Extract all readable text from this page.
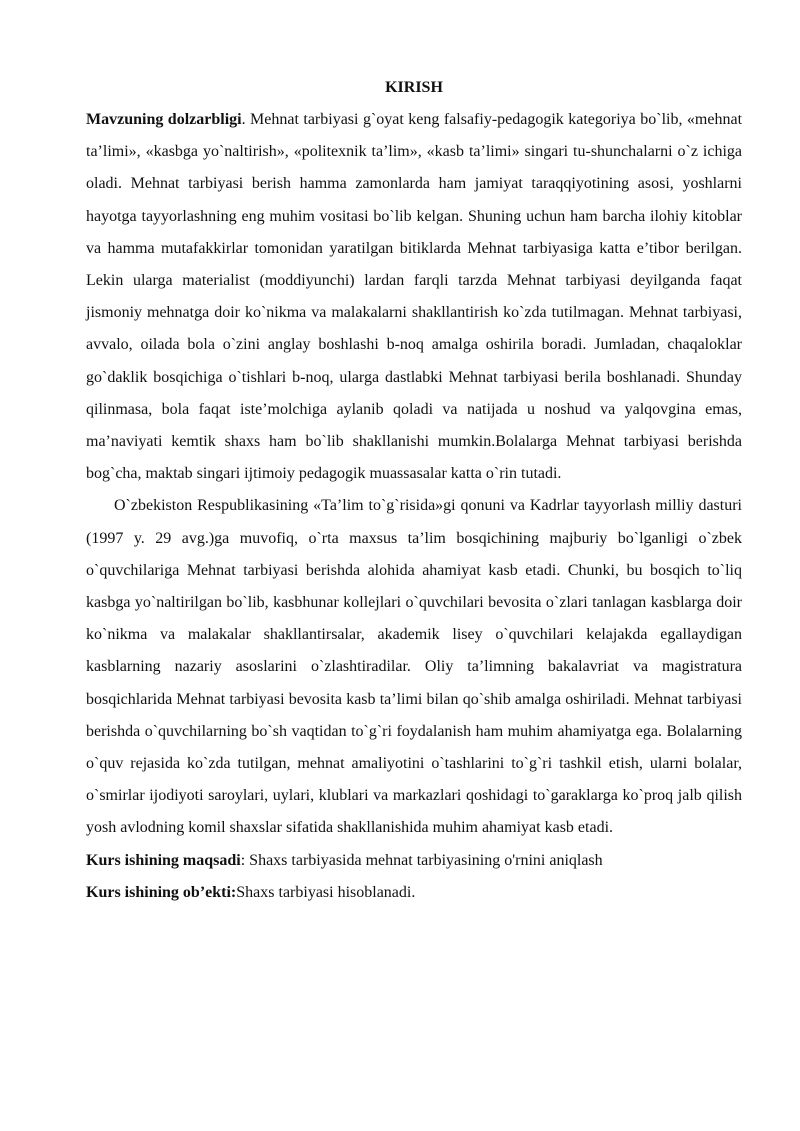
KIRISH

Mavzuning dolzarbligi. Mehnat tarbiyasi g`oyat keng falsafiy-pedagogik kategoriya bo`lib, «mehnat ta’limi», «kasbga yo`naltirish», «politexnik ta’lim», «kasb ta’limi» singari tu-shunchalarni o`z ichiga oladi. Mehnat tarbiyasi berish hamma zamonlarda ham jamiyat taraqqiyotining asosi, yoshlarni hayotga tayyorlashning eng muhim vositasi bo`lib kelgan. Shuning uchun ham barcha ilohiy kitoblar va hamma mutafakkirlar tomonidan yaratilgan bitiklarda Mehnat tarbiyasiga katta e’tibor berilgan. Lekin ularga materialist (moddiyunchi) lardan farqli tarzda Mehnat tarbiyasi deyilganda faqat jismoniy mehnatga doir ko`nikma va malakalarni shakllantirish ko`zda tutilmagan. Mehnat tarbiyasi, avvalo, oilada bola o`zini anglay boshlashi b-noq amalga oshirila boradi. Jumladan, chaqaloklar go`daklik bosqichiga o`tishlari b-noq, ularga dastlabki Mehnat tarbiyasi berila boshlanadi. Shunday qilinmasa, bola faqat iste’molchiga aylanib qoladi va natijada u noshud va yalqovgina emas, ma’naviyati kemtik shaxs ham bo`lib shakllanishi mumkin.Bolalarga Mehnat tarbiyasi berishda bog`cha, maktab singari ijtimoiy pedagogik muassasalar katta o`rin tutadi.

O`zbekiston Respublikasining «Ta’lim to`g`risida»gi qonuni va Kadrlar tayyorlash milliy dasturi (1997 y. 29 avg.)ga muvofiq, o`rta maxsus ta’lim bosqichining majburiy bo`lganligi o`zbek o`quvchilariga Mehnat tarbiyasi berishda alohida ahamiyat kasb etadi. Chunki, bu bosqich to`liq kasbga yo`naltirilgan bo`lib, kasbhunar kollejlari o`quvchilari bevosita o`zlari tanlagan kasblarga doir ko`nikma va malakalar shakllantirsalar, akademik lisey o`quvchilari kelajakda egallaydigan kasblarning nazariy asoslarini o`zlashtiradilar. Oliy ta’limning bakalavriat va magistratura bosqichlarida Mehnat tarbiyasi bevosita kasb ta’limi bilan qo`shib amalga oshiriladi. Mehnat tarbiyasi berishda o`quvchilarning bo`sh vaqtidan to`g`ri foydalanish ham muhim ahamiyatga ega. Bolalarning o`quv rejasida ko`zda tutilgan, mehnat amaliyotini o`tashlarini to`g`ri tashkil etish, ularni bolalar, o`smirlar ijodiyoti saroylari, uylari, klublari va markazlari qoshidagi to`garaklarga ko`proq jalb qilish yosh avlodning komil shaxslar sifatida shakllanishida muhim ahamiyat kasb etadi.

Kurs ishining maqsadi: Shaxs tarbiyasida mehnat tarbiyasining o'rnini aniqlash

Kurs ishining ob’ekti:Shaxs tarbiyasi hisoblanadi.
